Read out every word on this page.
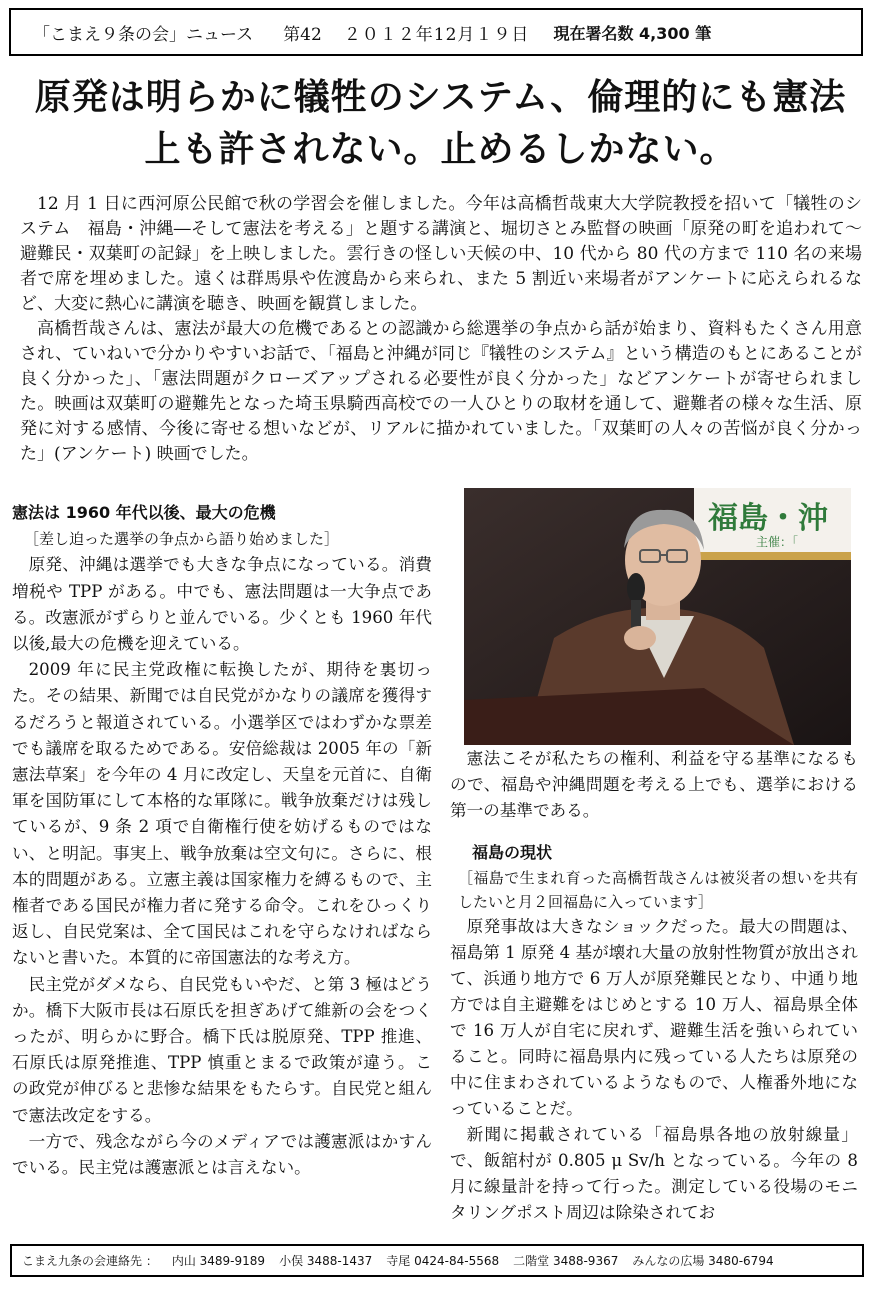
「こまえ９条の会」ニュース 第42 ２０１２年12月１９日 現在署名数 4,300 筆
原発は明らかに犠牲のシステム、倫理的にも憲法
上も許されない。止めるしかない。

12 月 1 日に西河原公民館で秋の学習会を催しました。今年は高橋哲哉東大大学院教授を招いて「犠牲のシステム　福島・沖縄―そして憲法を考える」と題する講演と、堀切さとみ監督の映画「原発の町を追われて～避難民・双葉町の記録」を上映しました。雲行きの怪しい天候の中、10 代から 80 代の方まで 110 名の来場者で席を埋めました。遠くは群馬県や佐渡島から来られ、また 5 割近い来場者がアンケートに応えられるなど、大変に熱心に講演を聴き、映画を観賞しました。

高橋哲哉さんは、憲法が最大の危機であるとの認識から総選挙の争点から話が始まり、資料もたくさん用意され、ていねいで分かりやすいお話で、「福島と沖縄が同じ『犠牲のシステム』という構造のもとにあることが良く分かった」、「憲法問題がクローズアップされる必要性が良く分かった」などアンケートが寄せられました。映画は双葉町の避難先となった埼玉県騎西高校での一人ひとりの取材を通して、避難者の様々な生活、原発に対する感情、今後に寄せる想いなどが、リアルに描かれていました。「双葉町の人々の苦悩が良く分かった」(アンケート) 映画でした。

憲法は 1960 年代以後、最大の危機
［差し迫った選挙の争点から語り始めました］

原発、沖縄は選挙でも大きな争点になっている。消費増税や TPP がある。中でも、憲法問題は一大争点である。改憲派がずらりと並んでいる。少くとも 1960 年代以後,最大の危機を迎えている。

2009 年に民主党政権に転換したが、期待を裏切った。その結果、新聞では自民党がかなりの議席を獲得するだろうと報道されている。小選挙区ではわずかな票差でも議席を取るためである。安倍総裁は 2005 年の「新憲法草案」を今年の 4 月に改定し、天皇を元首に、自衛軍を国防軍にして本格的な軍隊に。戦争放棄だけは残しているが、9 条 2 項で自衛権行使を妨げるものではない、と明記。事実上、戦争放棄は空文句に。さらに、根本的問題がある。立憲主義は国家権力を縛るもので、主権者である国民が権力者に発する命令。これをひっくり返し、自民党案は、全て国民はこれを守らなければならないと書いた。本質的に帝国憲法的な考え方。

民主党がダメなら、自民党もいやだ、と第 3 極はどうか。橋下大阪市長は石原氏を担ぎあげて維新の会をつくったが、明らかに野合。橋下氏は脱原発、TPP 推進、石原氏は原発推進、TPP 慎重とまるで政策が違う。この政党が伸びると悲惨な結果をもたらす。自民党と組んで憲法改定をする。

一方で、残念ながら今のメディアでは護憲派はかすんでいる。民主党は護憲派とは言えない。

福島・沖
主催：「

憲法こそが私たちの権利、利益を守る基準になるもので、福島や沖縄問題を考える上でも、選挙における第一の基準である。

福島の現状
［福島で生まれ育った高橋哲哉さんは被災者の想いを共有したいと月２回福島に入っています］

原発事故は大きなショックだった。最大の問題は、福島第 1 原発 4 基が壊れ大量の放射性物質が放出されて、浜通り地方で 6 万人が原発難民となり、中通り地方では自主避難をはじめとする 10 万人、福島県全体で 16 万人が自宅に戻れず、避難生活を強いられていること。同時に福島県内に残っている人たちは原発の中に住まわされているようなもので、人権番外地になっていることだ。

新聞に掲載されている「福島県各地の放射線量」で、飯舘村が 0.805 μ Sv/h となっている。今年の 8 月に線量計を持って行った。測定している役場のモニタリングポスト周辺は除染されてお

こまえ九条の会連絡先 ： 内山 3489-9189 小俣 3488-1437 寺尾 0424-84-5568 二階堂 3488-9367 みんなの広場 3480-6794
